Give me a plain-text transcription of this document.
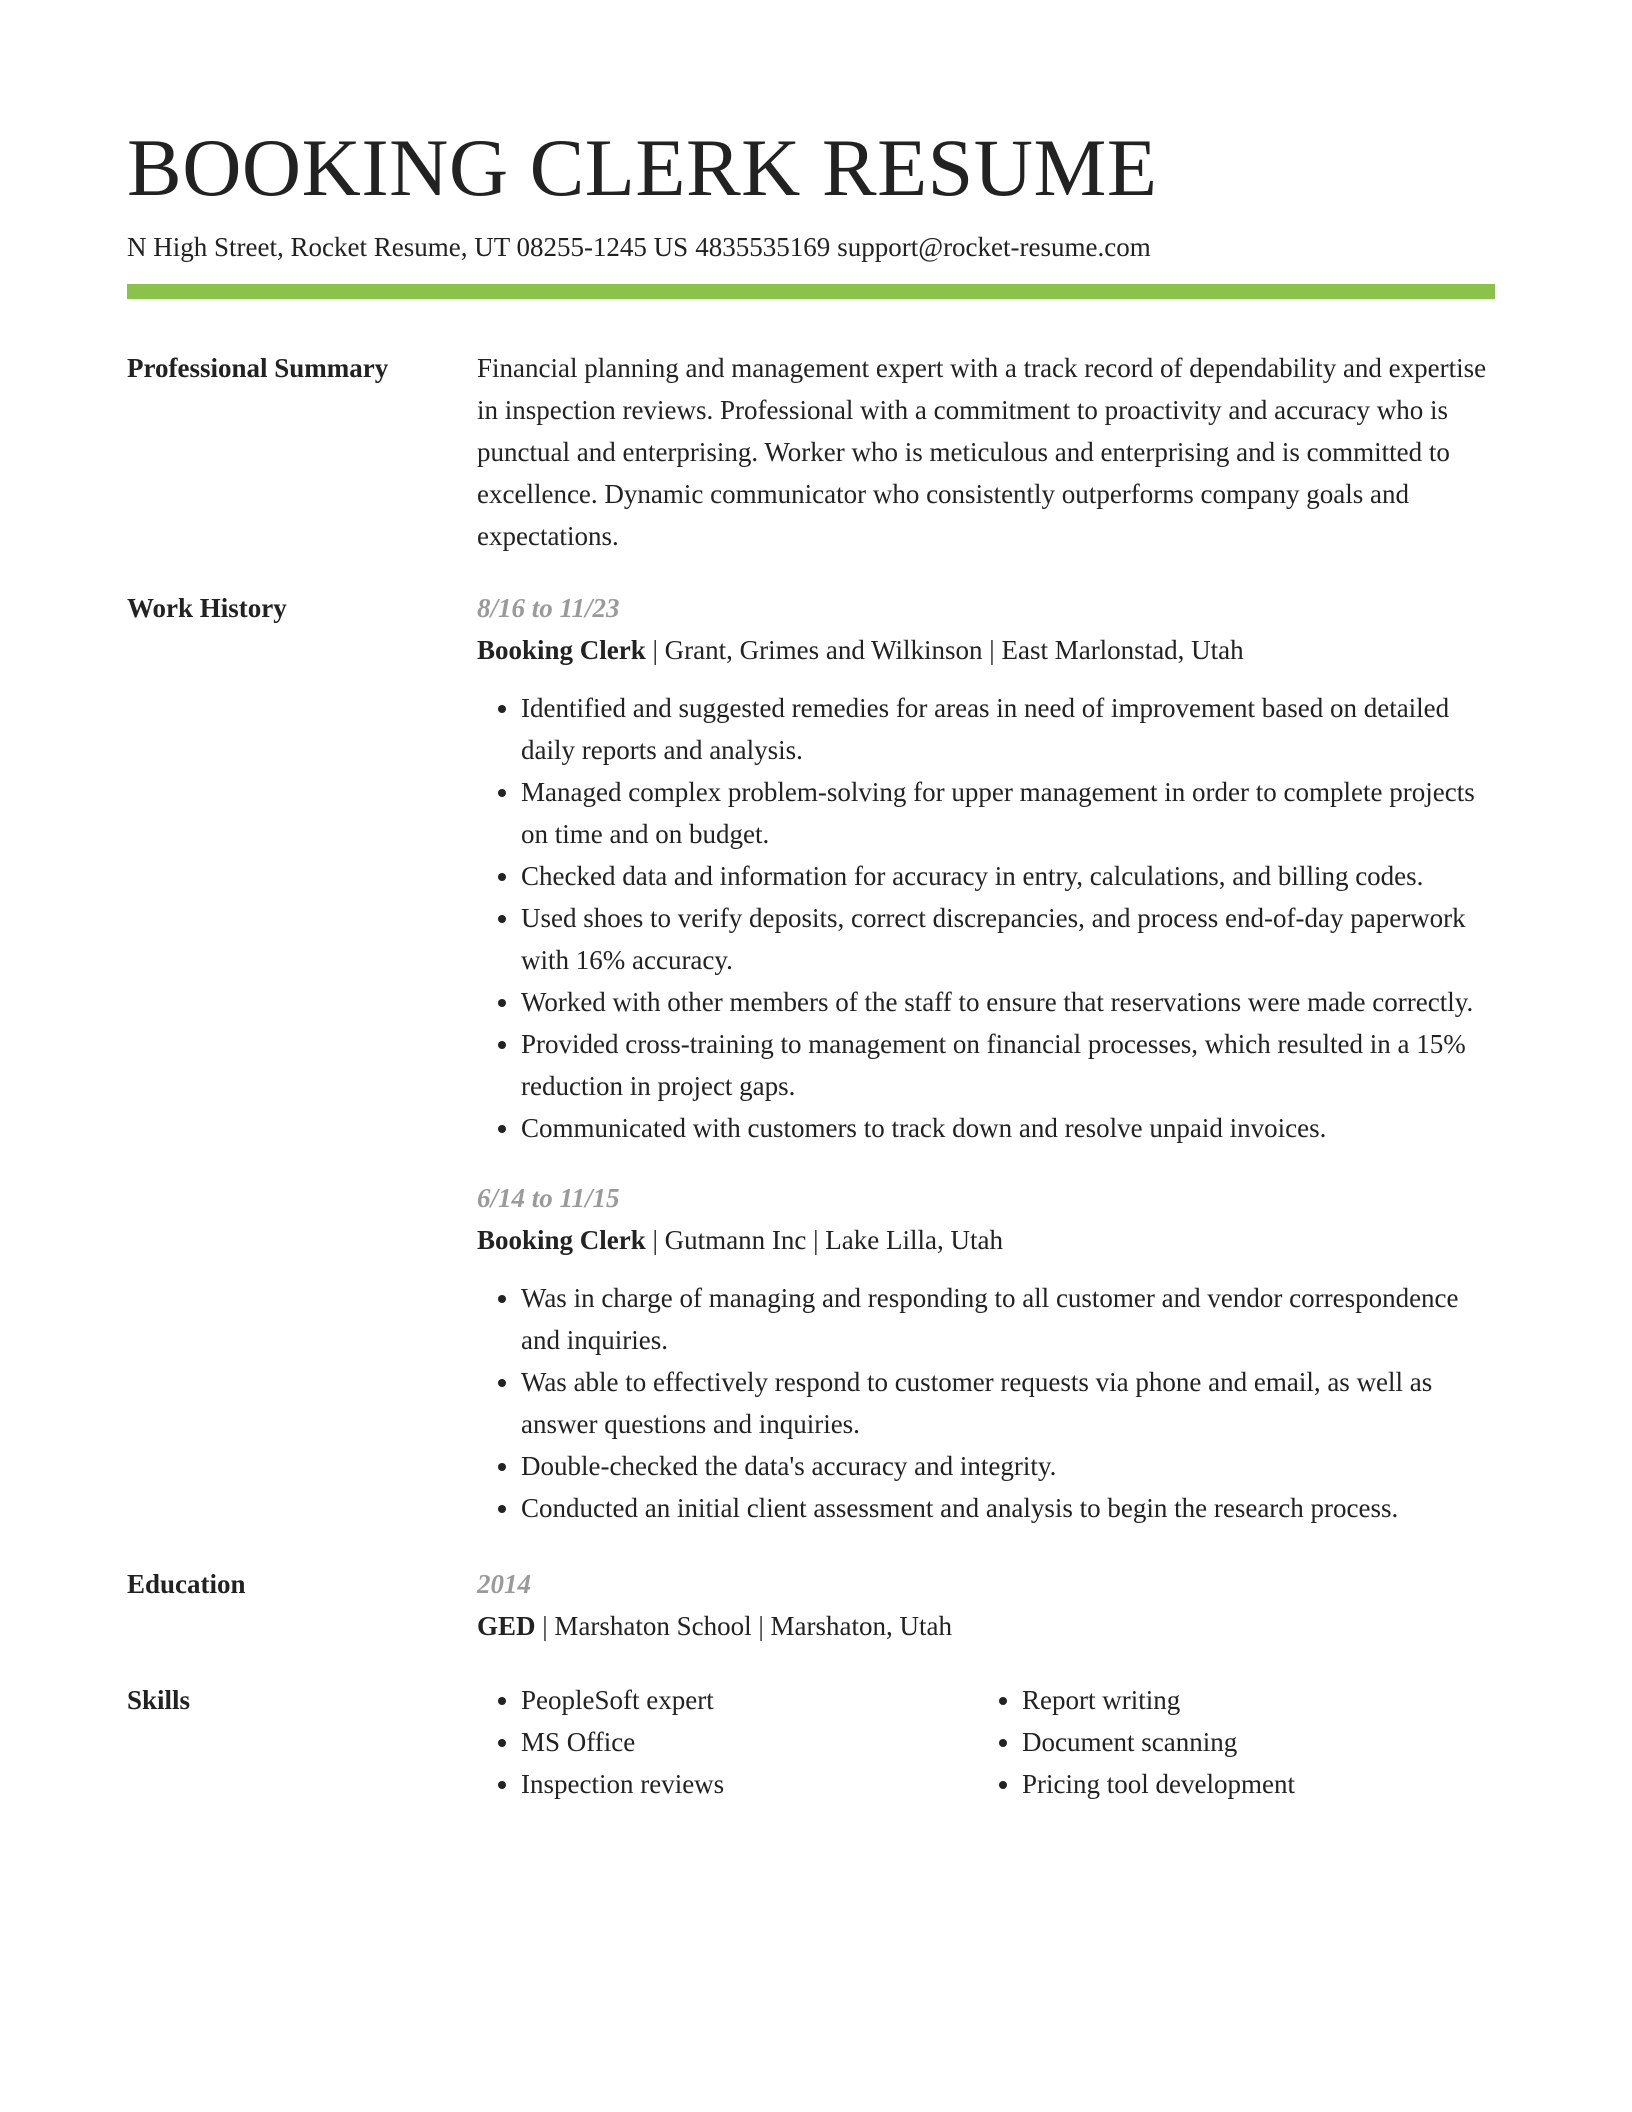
BOOKING CLERK RESUME
N High Street, Rocket Resume, UT 08255-1245 US 4835535169 support@rocket-resume.com
Professional Summary	Financial planning and management expert with a track record of dependability and expertise in inspection reviews. Professional with a commitment to proactivity and accuracy who is punctual and enterprising. Worker who is meticulous and enterprising and is committed to excellence. Dynamic communicator who consistently outperforms company goals and expectations.
Work History	8/16 to 11/23
Booking Clerk | Grant, Grimes and Wilkinson | East Marlonstad, Utah
• Identified and suggested remedies for areas in need of improvement based on detailed daily reports and analysis.
• Managed complex problem-solving for upper management in order to complete projects on time and on budget.
• Checked data and information for accuracy in entry, calculations, and billing codes.
• Used shoes to verify deposits, correct discrepancies, and process end-of-day paperwork with 16% accuracy.
• Worked with other members of the staff to ensure that reservations were made correctly.
• Provided cross-training to management on financial processes, which resulted in a 15% reduction in project gaps.
• Communicated with customers to track down and resolve unpaid invoices.
6/14 to 11/15
Booking Clerk | Gutmann Inc | Lake Lilla, Utah
• Was in charge of managing and responding to all customer and vendor correspondence and inquiries.
• Was able to effectively respond to customer requests via phone and email, as well as answer questions and inquiries.
• Double-checked the data's accuracy and integrity.
• Conducted an initial client assessment and analysis to begin the research process.
Education	2014
GED | Marshaton School | Marshaton, Utah
Skills
•	PeopleSoft expert
• MS Office
• Inspection reviews
• Report writing
• Document scanning
• Pricing tool development
